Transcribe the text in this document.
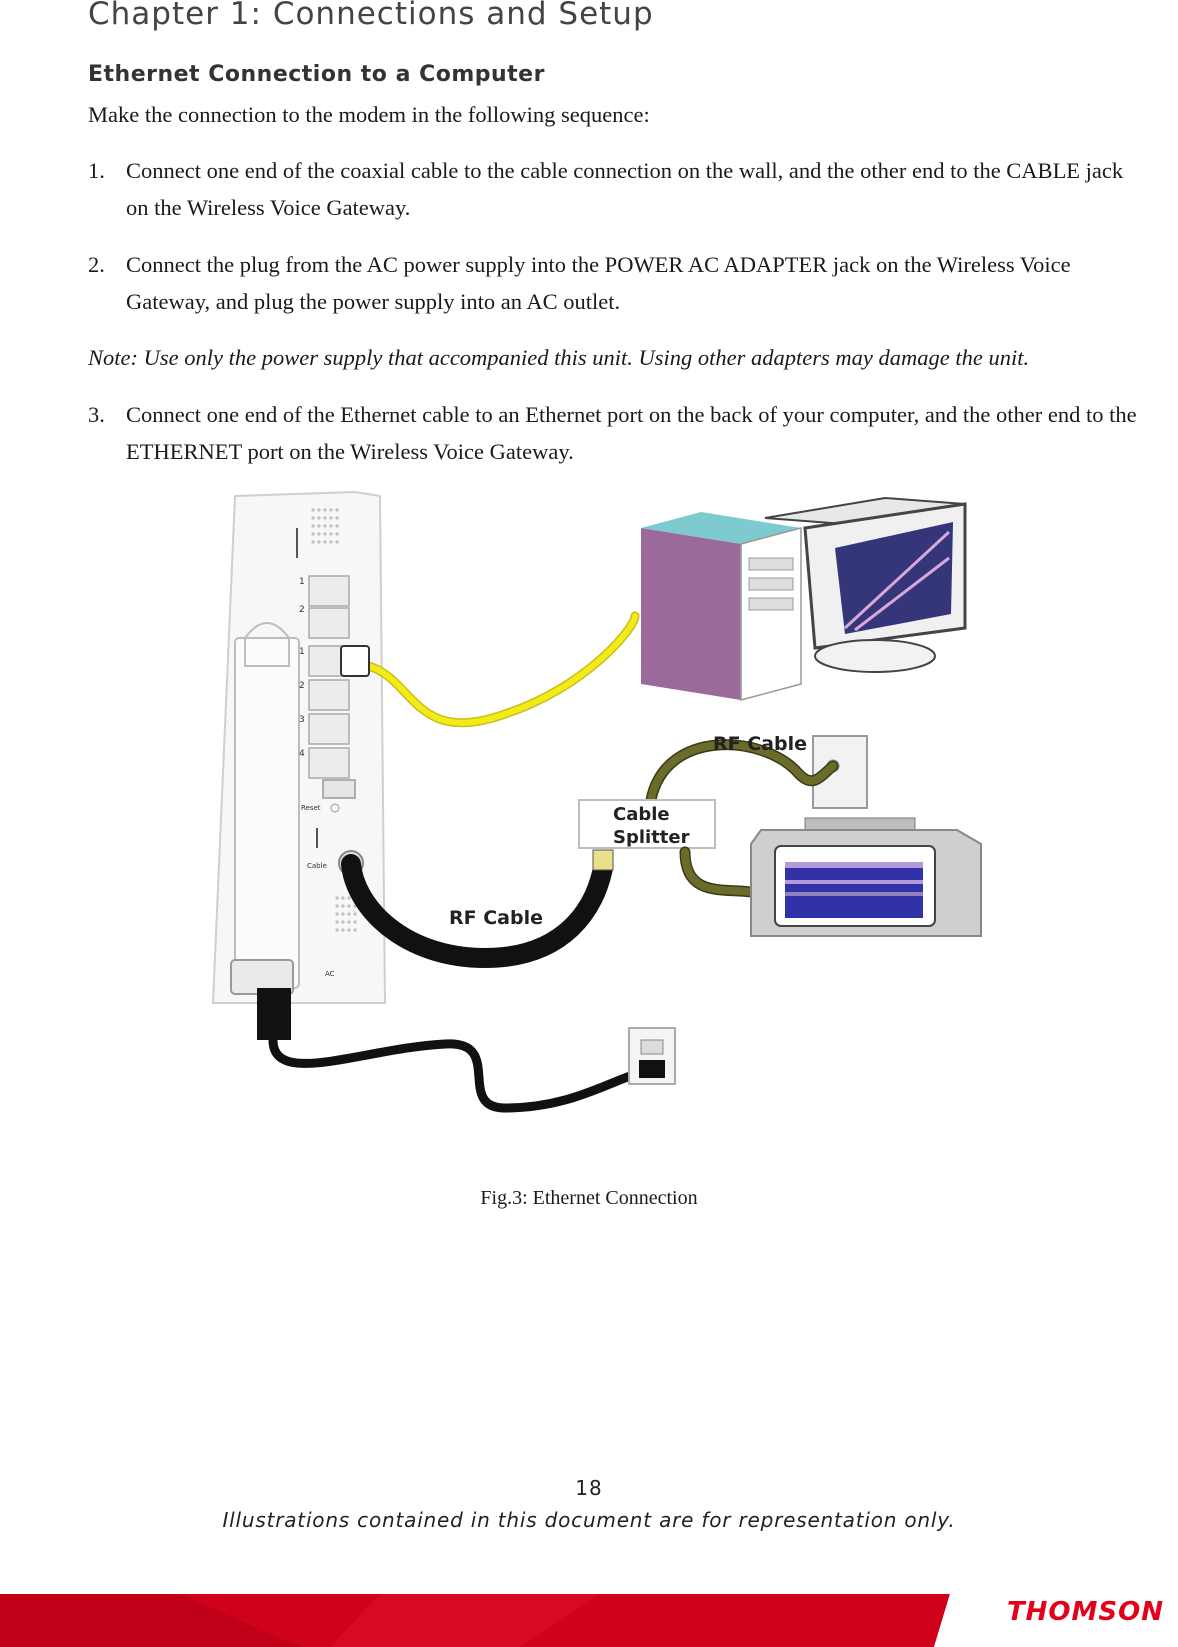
Chapter 1: Connections and Setup
Ethernet Connection to a Computer
Make the connection to the modem in the following sequence:
1. Connect one end of the coaxial cable to the cable connection on the wall, and the other end to the CABLE jack on the Wireless Voice Gateway.
2. Connect the plug from the AC power supply into the POWER AC ADAPTER jack on the Wireless Voice Gateway, and plug the power supply into an AC outlet.
Note: Use only the power supply that accompanied this unit. Using other adapters may damage the unit.
3. Connect one end of the Ethernet cable to an Ethernet port on the back of your computer, and the other end to the ETHERNET port on the Wireless Voice Gateway.
1
2
1
2
3
4
Reset
Cable
AC
RF Cable
Cable
Splitter
RF Cable
Fig.3: Ethernet Connection
18
Illustrations contained in this document are for representation only.
THOMSON
